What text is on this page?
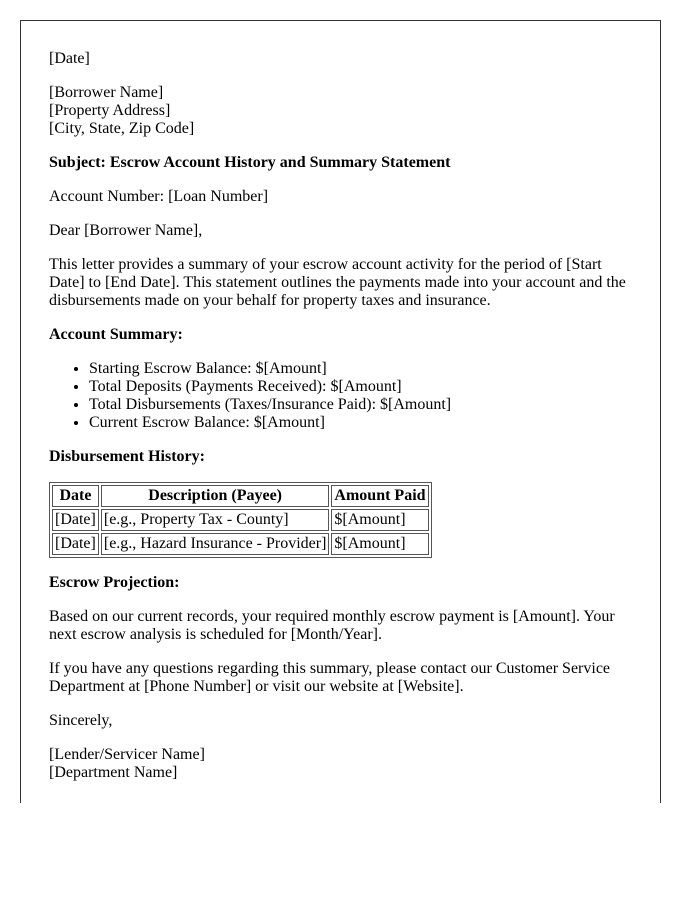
[Date]

[Borrower Name]
[Property Address]
[City, State, Zip Code]

Subject: Escrow Account History and Summary Statement

Account Number: [Loan Number]

Dear [Borrower Name],

This letter provides a summary of your escrow account activity for the period of [Start Date] to [End Date]. This statement outlines the payments made into your account and the disbursements made on your behalf for property taxes and insurance.

Account Summary:

• Starting Escrow Balance: $[Amount]
• Total Deposits (Payments Received): $[Amount]
• Total Disbursements (Taxes/Insurance Paid): $[Amount]
• Current Escrow Balance: $[Amount]

Disbursement History:

Date	Description (Payee)	Amount Paid
[Date]	[e.g., Property Tax - County]	$[Amount]
[Date]	[e.g., Hazard Insurance - Provider]	$[Amount]

Escrow Projection:

Based on our current records, your required monthly escrow payment is [Amount]. Your next escrow analysis is scheduled for [Month/Year].

If you have any questions regarding this summary, please contact our Customer Service Department at [Phone Number] or visit our website at [Website].

Sincerely,

[Lender/Servicer Name]
[Department Name]
